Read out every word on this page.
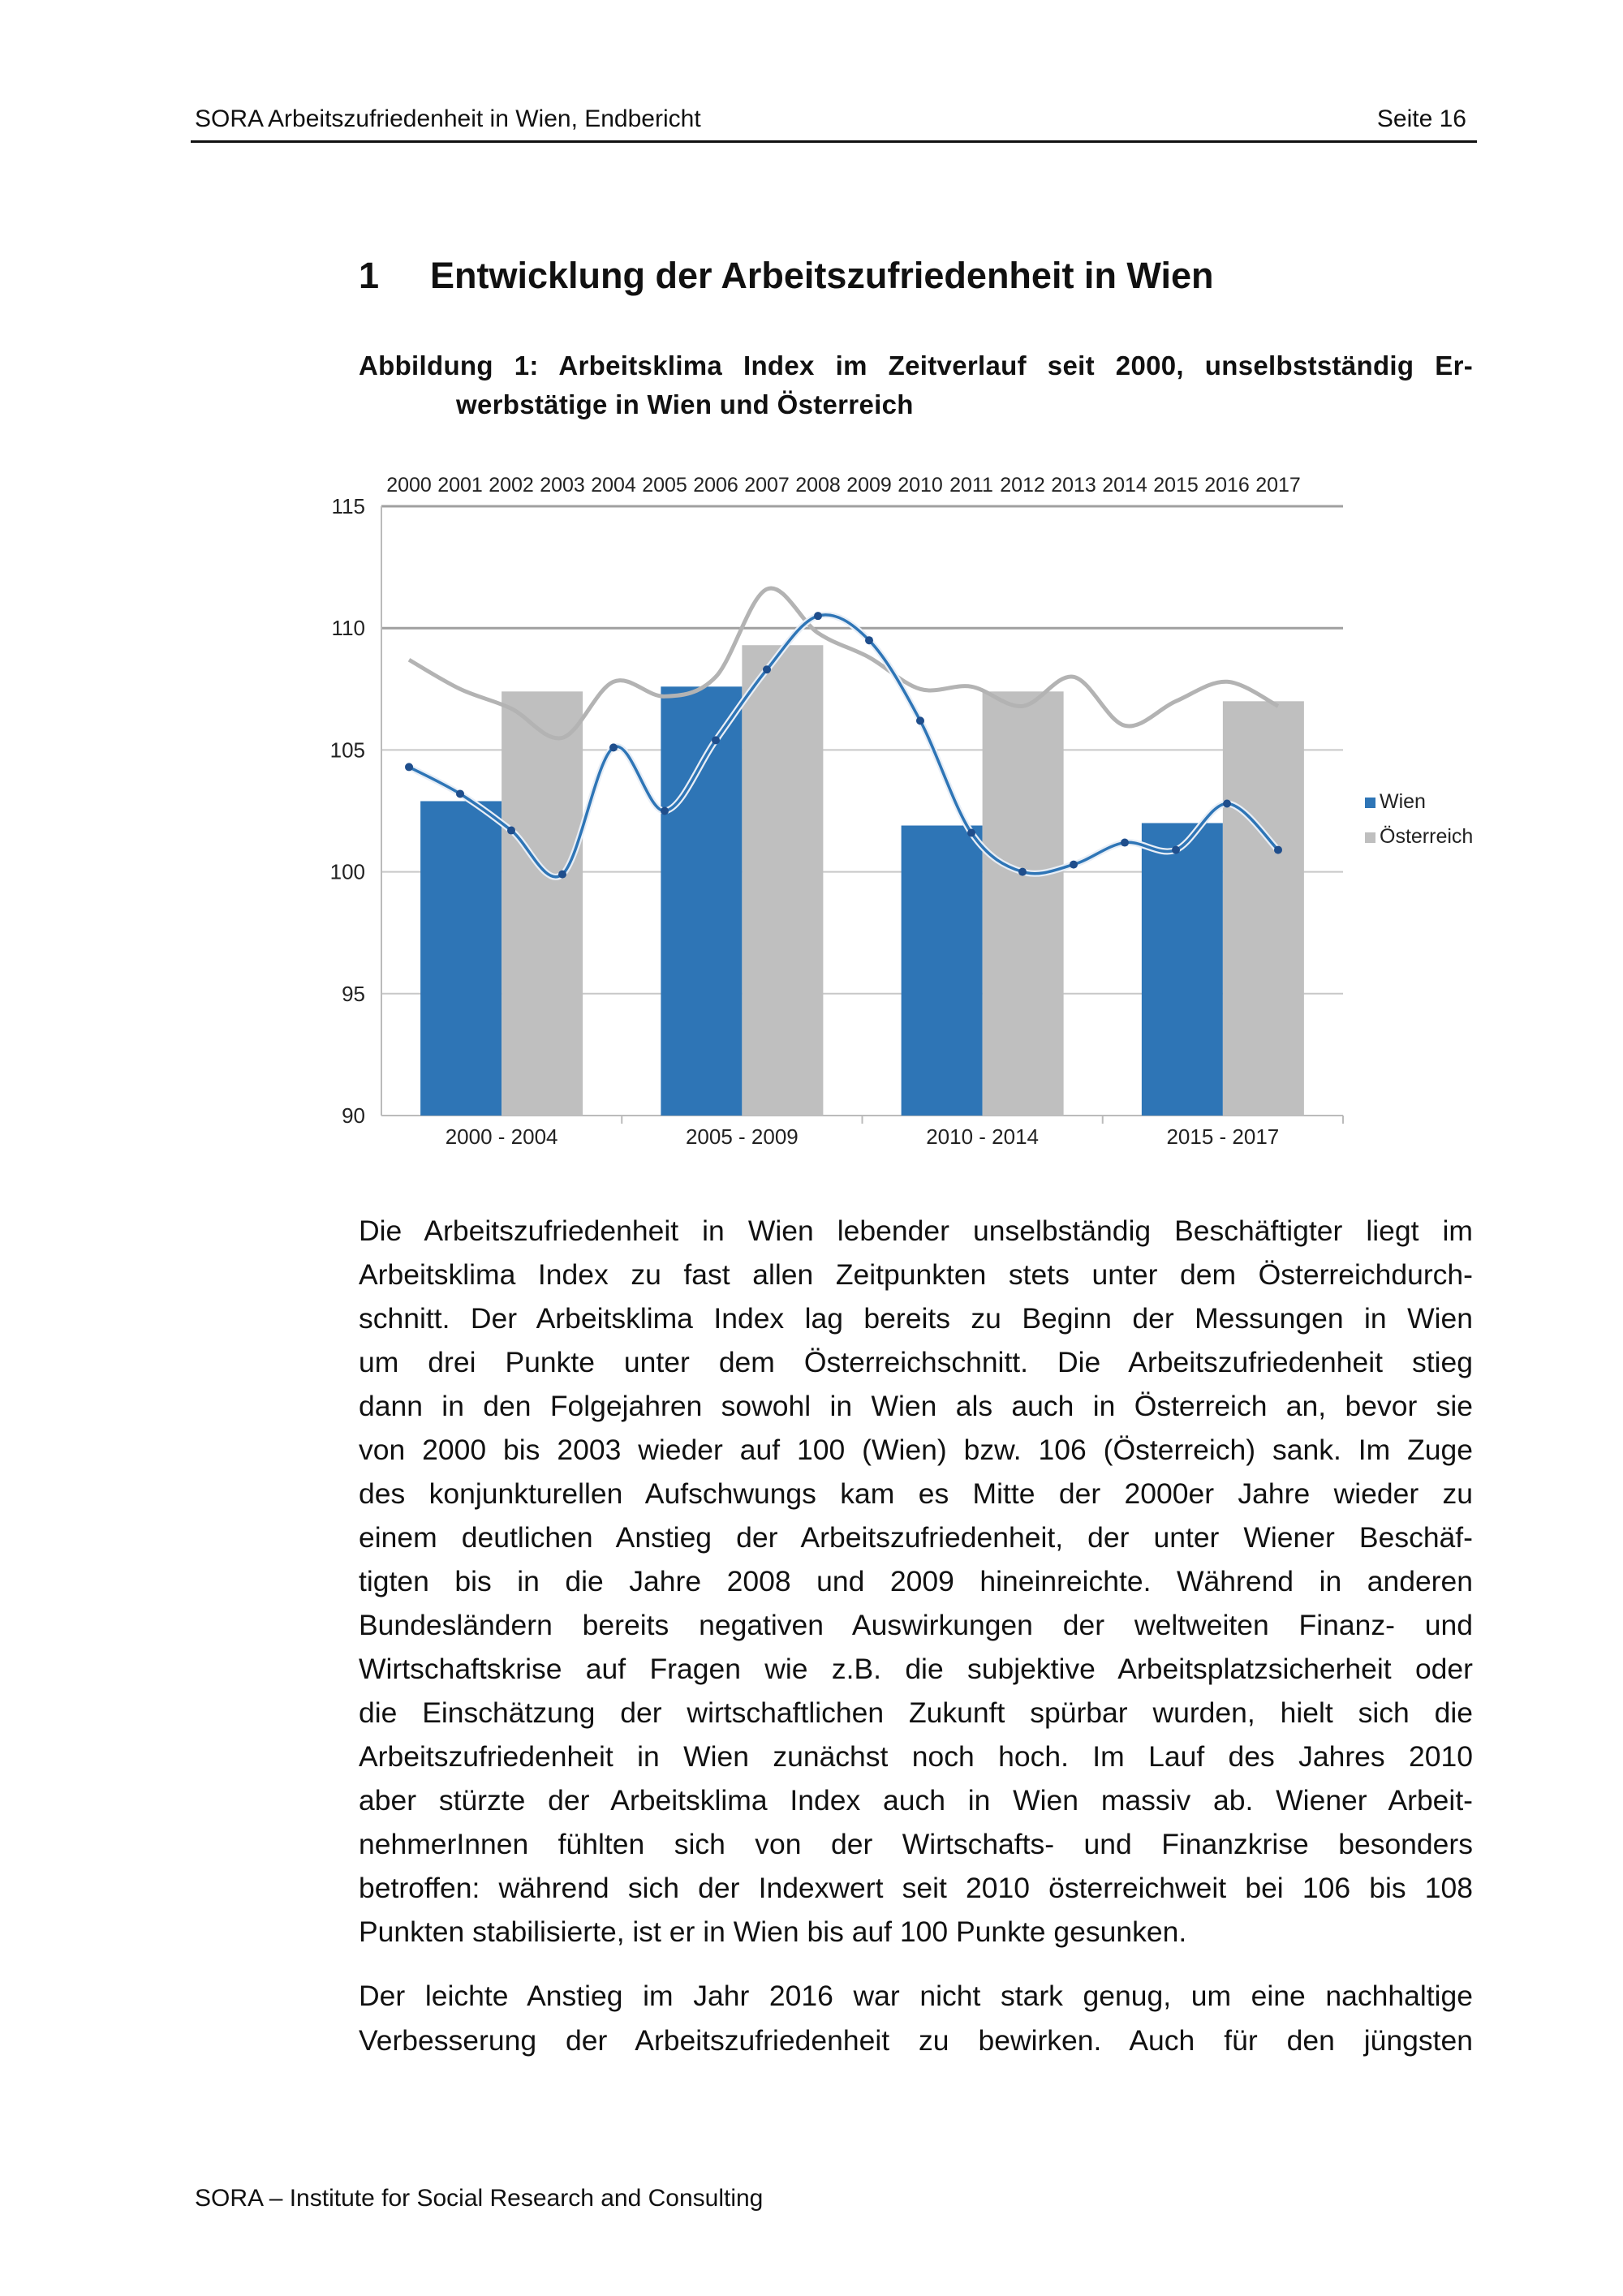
SORA Arbeitszufriedenheit in Wien, Endbericht	Seite 16
1 Entwicklung der Arbeitszufriedenheit in Wien
Abbildung 1: Arbeitsklima Index im Zeitverlauf seit 2000, unselbstständig Er-
werbstätige in Wien und Österreich
115
110
105
100
95
90
2000 - 2004	2005 - 2009	2010 - 2014	2015 - 2017
2000 2001 2002 2003 2004 2005 2006 2007 2008 2009 2010 2011 2012 2013 2014 2015 2016 2017
Wien
Österreich
Die Arbeitszufriedenheit in Wien lebender unselbständig Beschäftigter liegt im
Arbeitsklima Index zu fast allen Zeitpunkten stets unter dem Österreichdurch-
schnitt. Der Arbeitsklima Index lag bereits zu Beginn der Messungen in Wien
um drei Punkte unter dem Österreichschnitt. Die Arbeitszufriedenheit stieg
dann in den Folgejahren sowohl in Wien als auch in Österreich an, bevor sie
von 2000 bis 2003 wieder auf 100 (Wien) bzw. 106 (Österreich) sank. Im Zuge
des konjunkturellen Aufschwungs kam es Mitte der 2000er Jahre wieder zu
einem deutlichen Anstieg der Arbeitszufriedenheit, der unter Wiener Beschäf-
tigten bis in die Jahre 2008 und 2009 hineinreichte. Während in anderen
Bundesländern bereits negativen Auswirkungen der weltweiten Finanz- und
Wirtschaftskrise auf Fragen wie z.B. die subjektive Arbeitsplatzsicherheit oder
die Einschätzung der wirtschaftlichen Zukunft spürbar wurden, hielt sich die
Arbeitszufriedenheit in Wien zunächst noch hoch. Im Lauf des Jahres 2010
aber stürzte der Arbeitsklima Index auch in Wien massiv ab. Wiener Arbeit-
nehmerInnen fühlten sich von der Wirtschafts- und Finanzkrise besonders
betroffen: während sich der Indexwert seit 2010 österreichweit bei 106 bis 108
Punkten stabilisierte, ist er in Wien bis auf 100 Punkte gesunken.
Der leichte Anstieg im Jahr 2016 war nicht stark genug, um eine nachhaltige
Verbesserung der Arbeitszufriedenheit zu bewirken. Auch für den jüngsten
SORA – Institute for Social Research and Consulting
